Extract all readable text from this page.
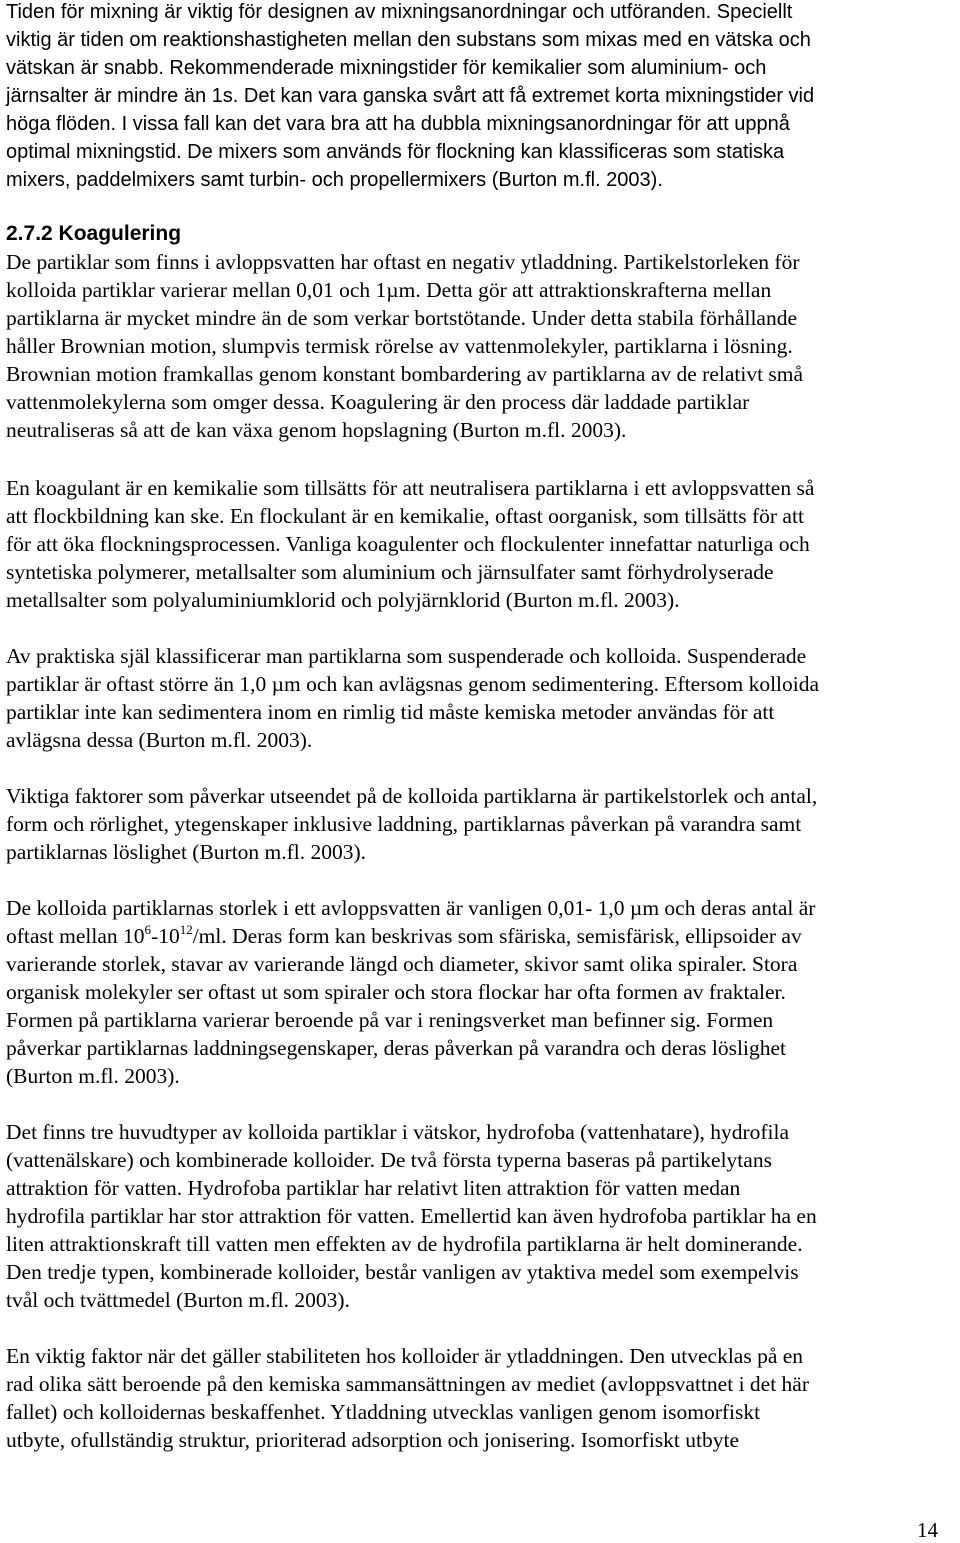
Tiden för mixning är viktig för designen av mixningsanordningar och utföranden. Speciellt
viktig är tiden om reaktionshastigheten mellan den substans som mixas med en vätska och
vätskan är snabb. Rekommenderade mixningstider för kemikalier som aluminium- och
järnsalter är mindre än 1s. Det kan vara ganska svårt att få extremet korta mixningstider vid
höga flöden. I vissa fall kan det vara bra att ha dubbla mixningsanordningar för att uppnå
optimal mixningstid. De mixers som används för flockning kan klassificeras som statiska
mixers, paddelmixers samt turbin- och propellermixers (Burton m.fl. 2003).
2.7.2 Koagulering
De partiklar som finns i avloppsvatten har oftast en negativ ytladdning. Partikelstorleken för
kolloida partiklar varierar mellan 0,01 och 1µm. Detta gör att attraktionskrafterna mellan
partiklarna är mycket mindre än de som verkar bortstötande. Under detta stabila förhållande
håller Brownian motion, slumpvis termisk rörelse av vattenmolekyler, partiklarna i lösning.
Brownian motion framkallas genom konstant bombardering av partiklarna av de relativt små
vattenmolekylerna som omger dessa. Koagulering är den process där laddade partiklar
neutraliseras så att de kan växa genom hopslagning (Burton m.fl. 2003).
En koagulant är en kemikalie som tillsätts för att neutralisera partiklarna i ett avloppsvatten så
att flockbildning kan ske. En flockulant är en kemikalie, oftast oorganisk, som tillsätts för att
för att öka flockningsprocessen. Vanliga koagulenter och flockulenter innefattar naturliga och
syntetiska polymerer, metallsalter som aluminium och järnsulfater samt förhydrolyserade
metallsalter som polyaluminiumklorid och polyjärnklorid (Burton m.fl. 2003).
Av praktiska själ klassificerar man partiklarna som suspenderade och kolloida. Suspenderade
partiklar är oftast större än 1,0 µm och kan avlägsnas genom sedimentering. Eftersom kolloida
partiklar inte kan sedimentera inom en rimlig tid måste kemiska metoder användas för att
avlägsna dessa (Burton m.fl. 2003).
Viktiga faktorer som påverkar utseendet på de kolloida partiklarna är partikelstorlek och antal,
form och rörlighet, ytegenskaper inklusive laddning, partiklarnas påverkan på varandra samt
partiklarnas löslighet (Burton m.fl. 2003).
De kolloida partiklarnas storlek i ett avloppsvatten är vanligen 0,01- 1,0 µm och deras antal är
oftast mellan $10^6-10^{12}/ml$. Deras form kan beskrivas som sfäriska, semisfärisk, ellipsoider av
varierande storlek, stavar av varierande längd och diameter, skivor samt olika spiraler. Stora
organisk molekyler ser oftast ut som spiraler och stora flockar har ofta formen av fraktaler.
Formen på partiklarna varierar beroende på var i reningsverket man befinner sig. Formen
påverkar partiklarnas laddningsegenskaper, deras påverkan på varandra och deras löslighet
(Burton m.fl. 2003).
Det finns tre huvudtyper av kolloida partiklar i vätskor, hydrofoba (vattenhatare), hydrofila
(vattenälskare) och kombinerade kolloider. De två första typerna baseras på partikelytans
attraktion för vatten. Hydrofoba partiklar har relativt liten attraktion för vatten medan
hydrofila partiklar har stor attraktion för vatten. Emellertid kan även hydrofoba partiklar ha en
liten attraktionskraft till vatten men effekten av de hydrofila partiklarna är helt dominerande.
Den tredje typen, kombinerade kolloider, består vanligen av ytaktiva medel som exempelvis
tvål och tvättmedel (Burton m.fl. 2003).
En viktig faktor när det gäller stabiliteten hos kolloider är ytladdningen. Den utvecklas på en
rad olika sätt beroende på den kemiska sammansättningen av mediet (avloppsvattnet i det här
fallet) och kolloidernas beskaffenhet. Ytladdning utvecklas vanligen genom isomorfiskt
utbyte, ofullständig struktur, prioriterad adsorption och jonisering. Isomorfiskt utbyte
14
